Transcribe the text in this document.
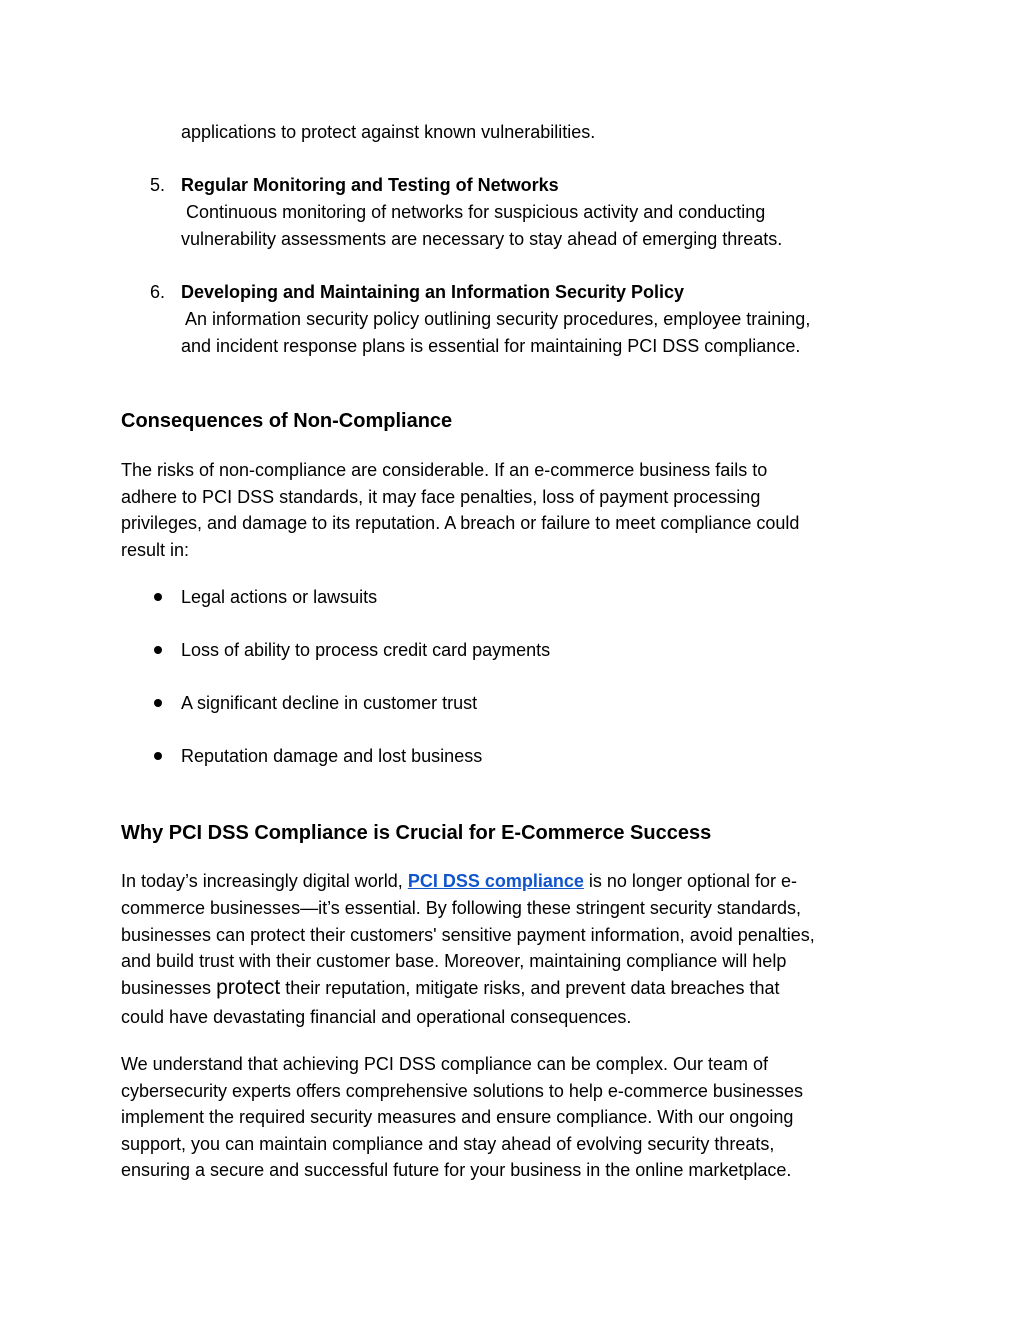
applications to protect against known vulnerabilities.
5. Regular Monitoring and Testing of Networks
Continuous monitoring of networks for suspicious activity and conducting
vulnerability assessments are necessary to stay ahead of emerging threats.
6. Developing and Maintaining an Information Security Policy
An information security policy outlining security procedures, employee training,
and incident response plans is essential for maintaining PCI DSS compliance.
Consequences of Non-Compliance
The risks of non-compliance are considerable. If an e-commerce business fails to
adhere to PCI DSS standards, it may face penalties, loss of payment processing
privileges, and damage to its reputation. A breach or failure to meet compliance could
result in:
Legal actions or lawsuits
Loss of ability to process credit card payments
A significant decline in customer trust
Reputation damage and lost business
Why PCI DSS Compliance is Crucial for E-Commerce Success
In today’s increasingly digital world, PCI DSS compliance is no longer optional for e-
commerce businesses—it’s essential. By following these stringent security standards,
businesses can protect their customers' sensitive payment information, avoid penalties,
and build trust with their customer base. Moreover, maintaining compliance will help
businesses protect their reputation, mitigate risks, and prevent data breaches that
could have devastating financial and operational consequences.
We understand that achieving PCI DSS compliance can be complex. Our team of
cybersecurity experts offers comprehensive solutions to help e-commerce businesses
implement the required security measures and ensure compliance. With our ongoing
support, you can maintain compliance and stay ahead of evolving security threats,
ensuring a secure and successful future for your business in the online marketplace.
